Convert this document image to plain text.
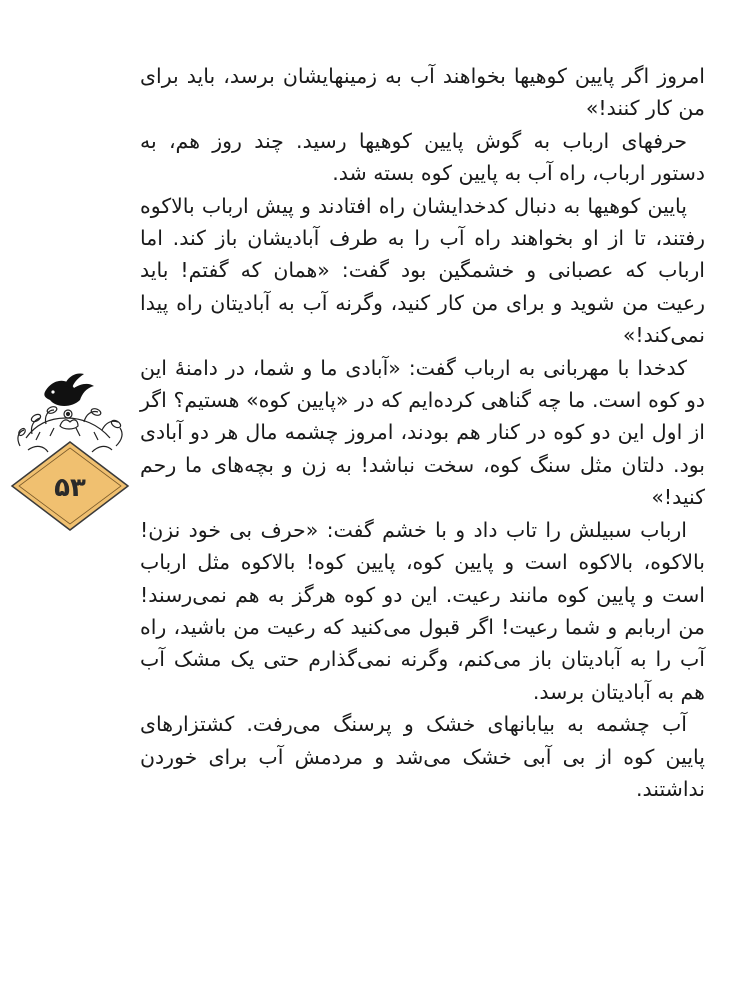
امروز اگر پایین کوهیها بخواهند آب به زمینهایشان برسد، باید برای من کار کنند!»

حرفهای ارباب به گوش پایین کوهیها رسید. چند روز هم، به دستور ارباب، راه آب به پایین کوه بسته شد.

پایین کوهیها به دنبال کدخدایشان راه افتادند و پیش ارباب بالاکوه رفتند، تا از او بخواهند راه آب را به طرف آبادیشان باز کند. اما ارباب که عصبانی و خشمگین بود گفت: «همان که گفتم! باید رعیت من شوید و برای من کار کنید، وگرنه آب به آبادیتان راه پیدا نمی‌کند!»

کدخدا با مهربانی به ارباب گفت: «آبادی ما و شما، در دامنهٔ این دو کوه است. ما چه گناهی کرده‌ایم که در «پایین کوه» هستیم؟ اگر از اول این دو کوه در کنار هم بودند، امروز چشمه مال هر دو آبادی بود. دلتان مثل سنگ کوه، سخت نباشد! به زن و بچه‌های ما رحم کنید!»

ارباب سبیلش را تاب داد و با خشم گفت: «حرف بی خود نزن! بالاکوه، بالاکوه است و پایین کوه، پایین کوه! بالاکوه مثل ارباب است و پایین کوه مانند رعیت. این دو کوه هرگز به هم نمی‌رسند! من اربابم و شما رعیت! اگر قبول می‌کنید که رعیت من باشید، راه آب را به آبادیتان باز می‌کنم، وگرنه نمی‌گذارم حتی یک مشک آب هم به آبادیتان برسد.

آب چشمه به بیابانهای خشک و پرسنگ می‌رفت. کشتزارهای پایین کوه از بی آبی خشک می‌شد و مردمش آب برای خوردن نداشتند.

۵۳
